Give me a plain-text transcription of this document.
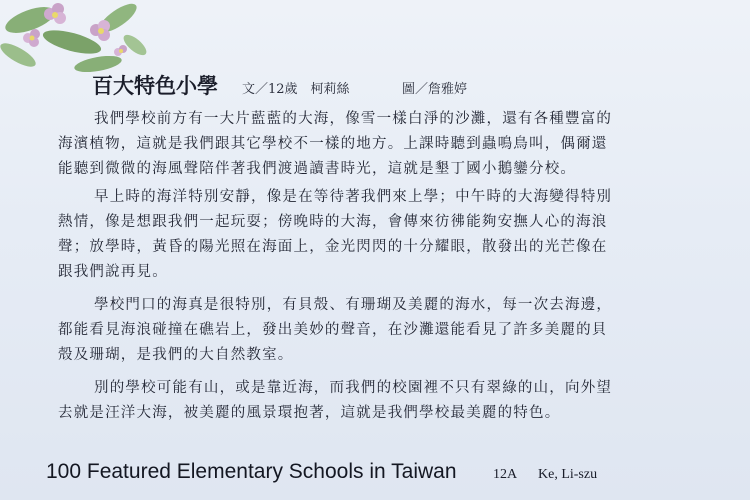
百大特色小學 文／12歲　柯莉絲	圖／詹雅婷

我們學校前方有一大片藍藍的大海，像雪一樣白淨的沙灘，還有各種豐富的
海濱植物，這就是我們跟其它學校不一樣的地方。上課時聽到蟲鳴鳥叫，偶爾還
能聽到微微的海風聲陪伴著我們渡過讀書時光，這就是墾丁國小鵝鑾分校。

早上時的海洋特別安靜，像是在等待著我們來上學；中午時的大海變得特別
熱情，像是想跟我們一起玩耍；傍晚時的大海，會傳來彷彿能夠安撫人心的海浪
聲；放學時，黃昏的陽光照在海面上，金光閃閃的十分耀眼，散發出的光芒像在
跟我們說再見。

學校門口的海真是很特別，有貝殼、有珊瑚及美麗的海水，每一次去海邊，
都能看見海浪碰撞在礁岩上，發出美妙的聲音，在沙灘還能看見了許多美麗的貝
殼及珊瑚，是我們的大自然教室。

別的學校可能有山，或是靠近海，而我們的校園裡不只有翠綠的山，向外望
去就是汪洋大海，被美麗的風景環抱著，這就是我們學校最美麗的特色。

100 Featured Elementary Schools in Taiwan	12A Ke, Li-szu
